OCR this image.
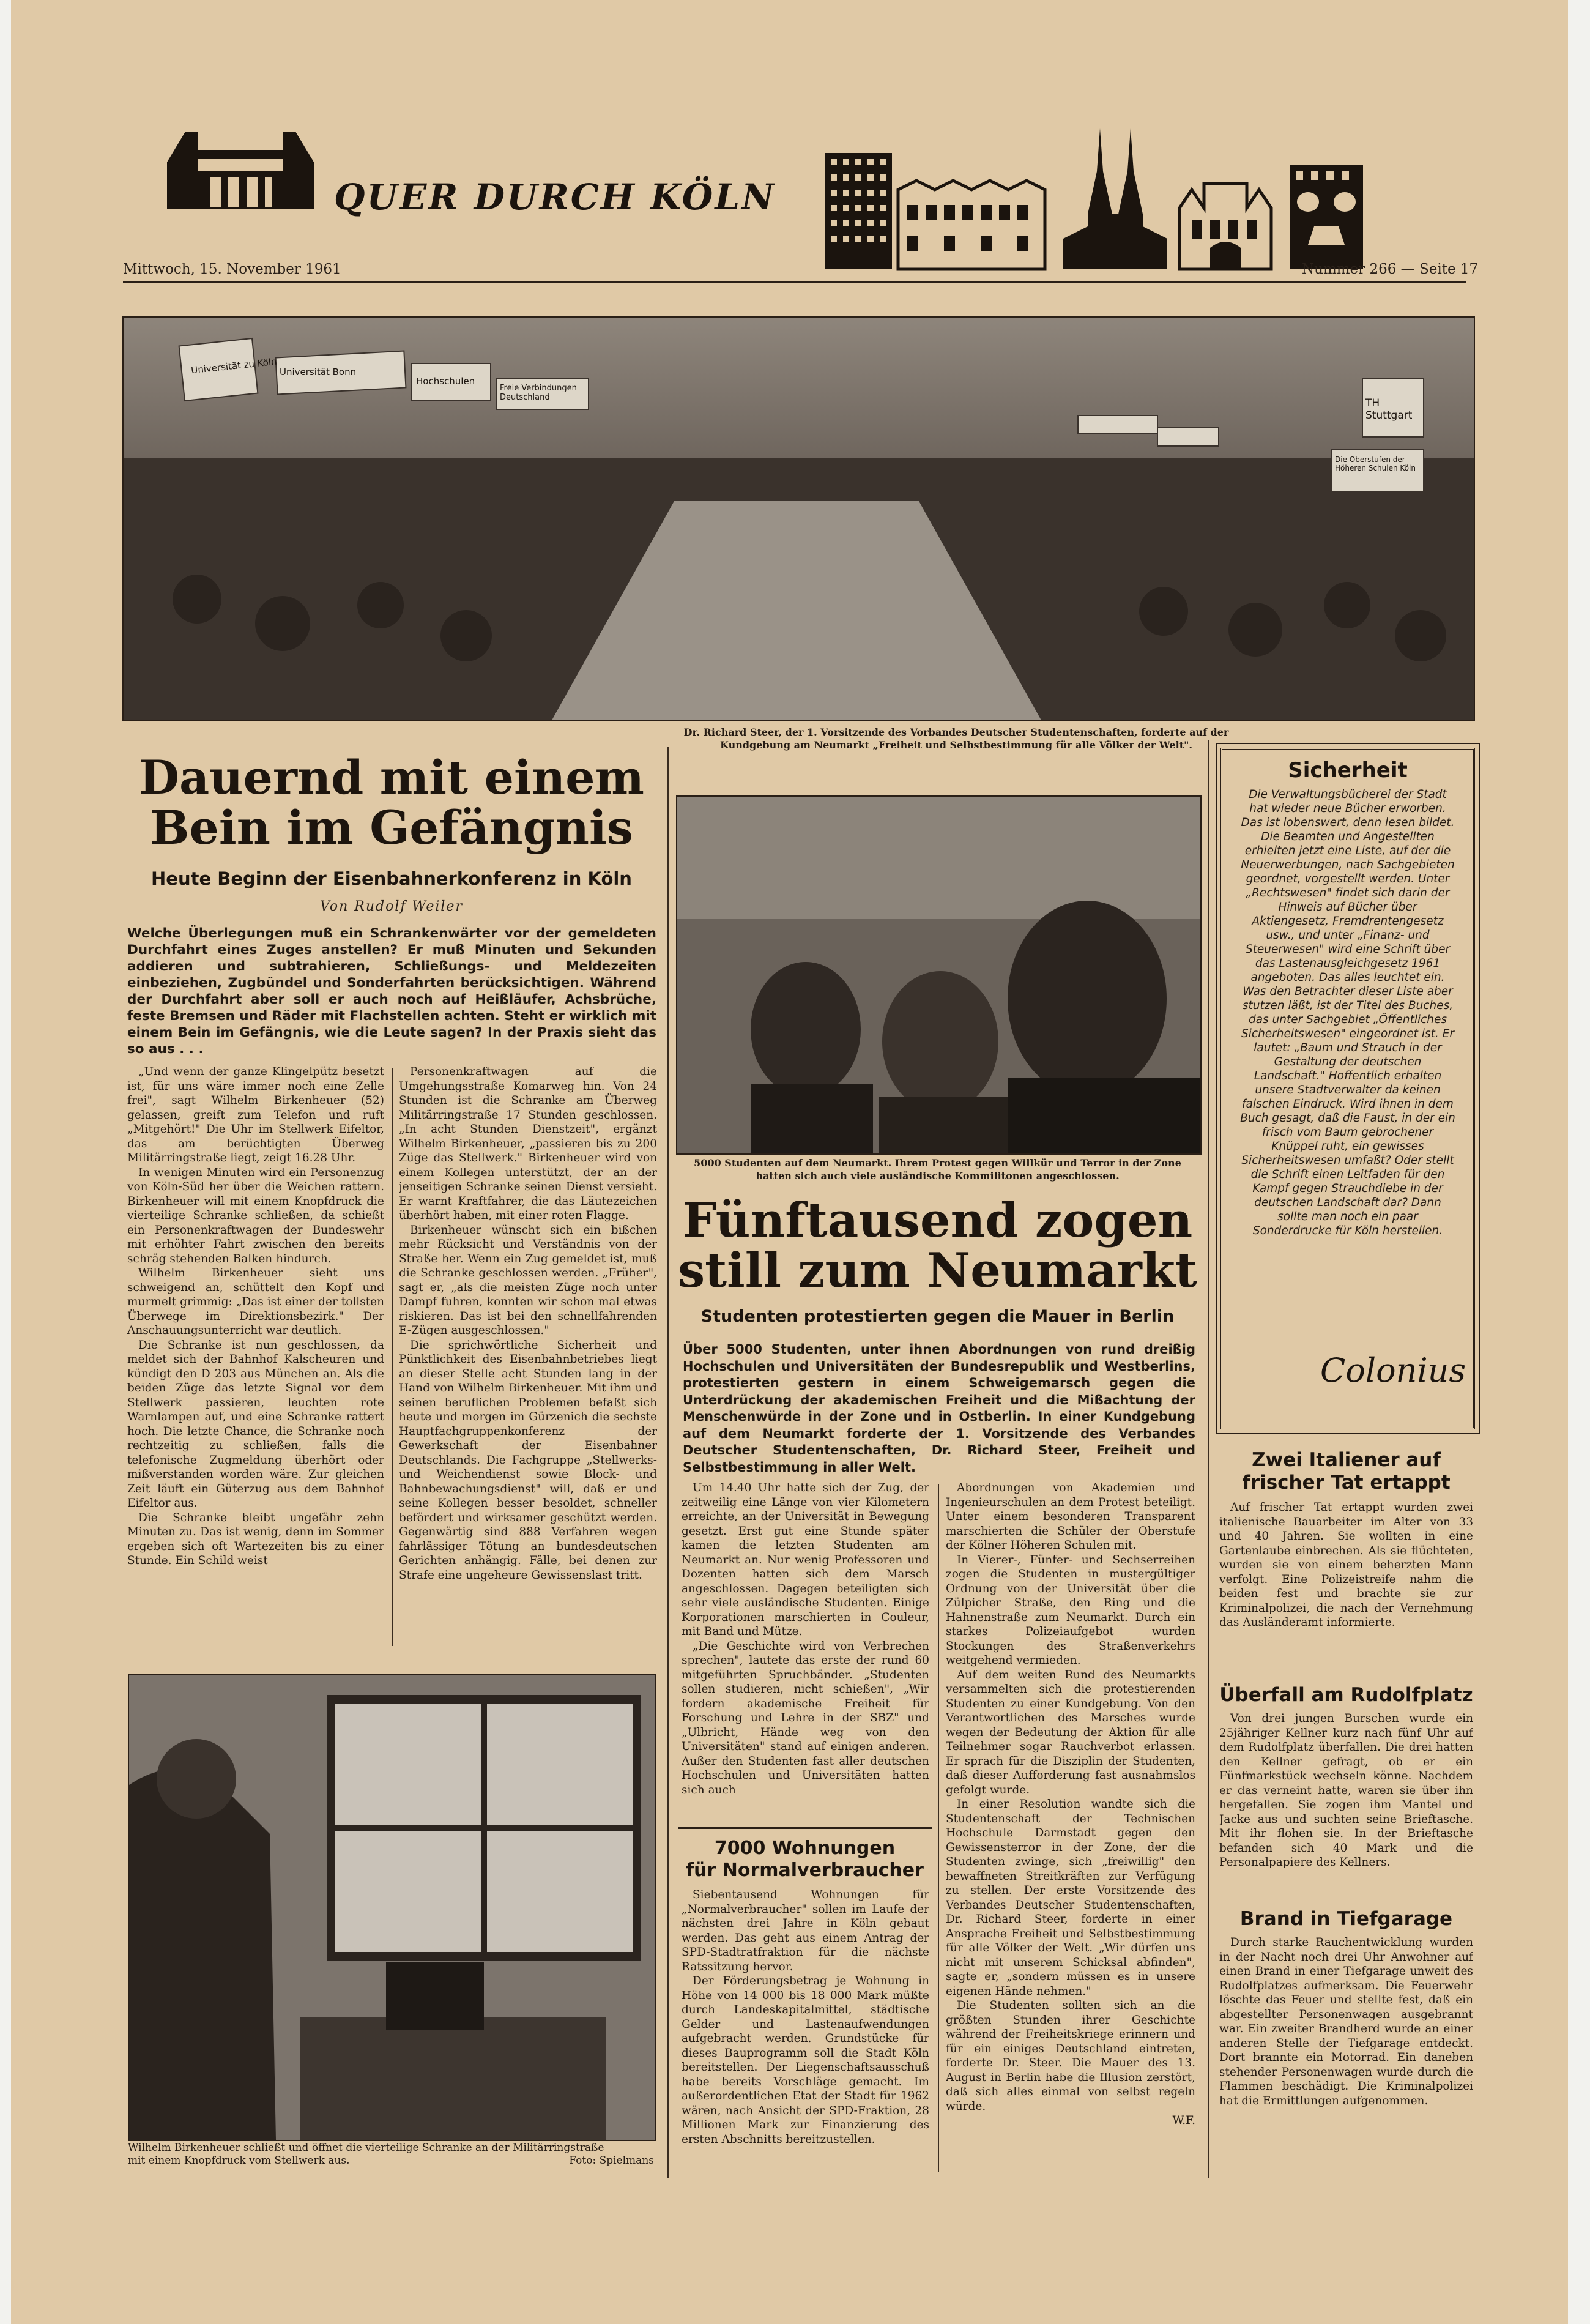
QUER DURCH KÖLN
Mittwoch, 15. November 1961	Nummer 266 — Seite 17
Universität zu Köln Universität Bonn
Hochschulen
Freie Verbindungen Deutschland	TH Stuttgart
Die Oberstufen der Höheren Schulen Köln
Dr. Richard Steer, der 1. Vorsitzende des Vorbandes Deutscher Studentenschaften, forderte auf der Kundgebung am Neumarkt „Freiheit und Selbstbestimmung für alle Völker der Welt".
Dauernd mit einem
Bein im Gefängnis
Heute Beginn der Eisenbahnerkonferenz in Köln
Von Rudolf Weiler
Welche Überlegungen muß ein Schrankenwärter vor der gemeldeten Durchfahrt eines Zuges anstellen? Er muß Minuten und Sekunden addieren und subtrahieren, Schließungs- und Meldezeiten einbeziehen, Zugbündel und Sonderfahrten berücksichtigen. Während der Durchfahrt aber soll er auch noch auf Heißläufer, Achsbrüche, feste Bremsen und Räder mit Flachstellen achten. Steht er wirklich mit einem Bein im Gefängnis, wie die Leute sagen? In der Praxis sieht das so aus . . .

„Und wenn der ganze Klingelpütz besetzt ist, für uns wäre immer noch eine Zelle frei", sagt Wilhelm Birkenheuer (52) gelassen, greift zum Telefon und ruft „Mitgehört!" Die Uhr im Stellwerk Eifeltor, das am berüchtigten Überweg Militärringstraße liegt, zeigt 16.28 Uhr.

In wenigen Minuten wird ein Personenzug von Köln-Süd her über die Weichen rattern. Birkenheuer will mit einem Knopfdruck die vierteilige Schranke schließen, da schießt ein Personenkraftwagen der Bundeswehr mit erhöhter Fahrt zwischen den bereits schräg stehenden Balken hindurch.

Wilhelm Birkenheuer sieht uns schweigend an, schüttelt den Kopf und murmelt grimmig: „Das ist einer der tollsten Überwege im Direktionsbezirk." Der Anschauungsunterricht war deutlich.

Die Schranke ist nun geschlossen, da meldet sich der Bahnhof Kalscheuren und kündigt den D 203 aus München an. Als die beiden Züge das letzte Signal vor dem Stellwerk passieren, leuchten rote Warnlampen auf, und eine Schranke rattert hoch. Die letzte Chance, die Schranke noch rechtzeitig zu schließen, falls die telefonische Zugmeldung überhört oder mißverstanden worden wäre. Zur gleichen Zeit läuft ein Güterzug aus dem Bahnhof Eifeltor aus.

Die Schranke bleibt ungefähr zehn Minuten zu. Das ist wenig, denn im Sommer ergeben sich oft Wartezeiten bis zu einer Stunde. Ein Schild weist

Personenkraftwagen auf die Umgehungsstraße Komarweg hin. Von 24 Stunden ist die Schranke am Überweg Militärringstraße 17 Stunden geschlossen. „In acht Stunden Dienstzeit", ergänzt Wilhelm Birkenheuer, „passieren bis zu 200 Züge das Stellwerk." Birkenheuer wird von einem Kollegen unterstützt, der an der jenseitigen Schranke seinen Dienst versieht. Er warnt Kraftfahrer, die das Läutezeichen überhört haben, mit einer roten Flagge.

Birkenheuer wünscht sich ein bißchen mehr Rücksicht und Verständnis von der Straße her. Wenn ein Zug gemeldet ist, muß die Schranke geschlossen werden. „Früher", sagt er, „als die meisten Züge noch unter Dampf fuhren, konnten wir schon mal etwas riskieren. Das ist bei den schnellfahrenden E-Zügen ausgeschlossen."

Die sprichwörtliche Sicherheit und Pünktlichkeit des Eisenbahnbetriebes liegt an dieser Stelle acht Stunden lang in der Hand von Wilhelm Birkenheuer. Mit ihm und seinen beruflichen Problemen befaßt sich heute und morgen im Gürzenich die sechste Hauptfachgruppenkonferenz der Gewerkschaft der Eisenbahner Deutschlands. Die Fachgruppe „Stellwerks- und Weichendienst sowie Block- und Bahnbewachungsdienst" will, daß er und seine Kollegen besser besoldet, schneller befördert und wirksamer geschützt werden. Gegenwärtig sind 888 Verfahren wegen fahrlässiger Tötung an bundesdeutschen Gerichten anhängig. Fälle, bei denen zur Strafe eine ungeheure Gewissenslast tritt.

Wilhelm Birkenheuer schließt und öffnet die vierteilige Schranke an der Militärringstraße
mit einem Knopfdruck vom Stellwerk aus.	Foto: Spielmans
5000 Studenten auf dem Neumarkt. Ihrem Protest gegen Willkür und Terror in der Zone hatten sich auch viele ausländische Kommilitonen angeschlossen.
Fünftausend zogen
still zum Neumarkt
Studenten protestierten gegen die Mauer in Berlin
Über 5000 Studenten, unter ihnen Abordnungen von rund dreißig Hochschulen und Universitäten der Bundesrepublik und Westberlins, protestierten gestern in einem Schweigemarsch gegen die Unterdrückung der akademischen Freiheit und die Mißachtung der Menschenwürde in der Zone und in Ostberlin. In einer Kundgebung auf dem Neumarkt forderte der 1. Vorsitzende des Verbandes Deutscher Studentenschaften, Dr. Richard Steer, Freiheit und Selbstbestimmung in aller Welt.

Um 14.40 Uhr hatte sich der Zug, der zeitweilig eine Länge von vier Kilometern erreichte, an der Universität in Bewegung gesetzt. Erst gut eine Stunde später kamen die letzten Studenten am Neumarkt an. Nur wenig Professoren und Dozenten hatten sich dem Marsch angeschlossen. Dagegen beteiligten sich sehr viele ausländische Studenten. Einige Korporationen marschierten in Couleur, mit Band und Mütze.

„Die Geschichte wird von Verbrechen sprechen", lautete das erste der rund 60 mitgeführten Spruchbänder. „Studenten sollen studieren, nicht schießen", „Wir fordern akademische Freiheit für Forschung und Lehre in der SBZ" und „Ulbricht, Hände weg von den Universitäten" stand auf einigen anderen. Außer den Studenten fast aller deutschen Hochschulen und Universitäten hatten sich auch

Abordnungen von Akademien und Ingenieurschulen an dem Protest beteiligt. Unter einem besonderen Transparent marschierten die Schüler der Oberstufe der Kölner Höheren Schulen mit.

In Vierer-, Fünfer- und Sechserreihen zogen die Studenten in mustergültiger Ordnung von der Universität über die Zülpicher Straße, den Ring und die Hahnenstraße zum Neumarkt. Durch ein starkes Polizeiaufgebot wurden Stockungen des Straßenverkehrs weitgehend vermieden.

Auf dem weiten Rund des Neumarkts versammelten sich die protestierenden Studenten zu einer Kundgebung. Von den Verantwortlichen des Marsches wurde wegen der Bedeutung der Aktion für alle Teilnehmer sogar Rauchverbot erlassen. Er sprach für die Disziplin der Studenten, daß dieser Aufforderung fast ausnahmslos gefolgt wurde.

In einer Resolution wandte sich die Studentenschaft der Technischen Hochschule Darmstadt gegen den Gewissensterror in der Zone, der die Studenten zwinge, sich „freiwillig" den bewaffneten Streitkräften zur Verfügung zu stellen. Der erste Vorsitzende des Verbandes Deutscher Studentenschaften, Dr. Richard Steer, forderte in einer Ansprache Freiheit und Selbstbestimmung für alle Völker der Welt. „Wir dürfen uns nicht mit unserem Schicksal abfinden", sagte er, „sondern müssen es in unsere eigenen Hände nehmen."

Die Studenten sollten sich an die größten Stunden ihrer Geschichte während der Freiheitskriege erinnern und für ein einiges Deutschland eintreten, forderte Dr. Steer. Die Mauer des 13. August in Berlin habe die Illusion zerstört, daß sich alles einmal von selbst regeln würde.

W.F.

7000 Wohnungen
für Normalverbraucher

Siebentausend Wohnungen für „Normalverbraucher" sollen im Laufe der nächsten drei Jahre in Köln gebaut werden. Das geht aus einem Antrag der SPD-Stadtratfraktion für die nächste Ratssitzung hervor.

Der Förderungsbetrag je Wohnung in Höhe von 14 000 bis 18 000 Mark müßte durch Landeskapitalmittel, städtische Gelder und Lastenaufwendungen aufgebracht werden. Grundstücke für dieses Bauprogramm soll die Stadt Köln bereitstellen. Der Liegenschaftsausschuß habe bereits Vorschläge gemacht. Im außerordentlichen Etat der Stadt für 1962 wären, nach Ansicht der SPD-Fraktion, 28 Millionen Mark zur Finanzierung des ersten Abschnitts bereitzustellen.

Sicherheit
Die Verwaltungsbücherei der Stadt hat wieder neue Bücher erworben. Das ist lobenswert, denn lesen bildet. Die Beamten und Angestellten erhielten jetzt eine Liste, auf der die Neuerwerbungen, nach Sachgebieten geordnet, vorgestellt werden. Unter „Rechtswesen" findet sich darin der Hinweis auf Bücher über Aktiengesetz, Fremdrentengesetz usw., und unter „Finanz- und Steuerwesen" wird eine Schrift über das Lastenausgleichgesetz 1961 angeboten. Das alles leuchtet ein. Was den Betrachter dieser Liste aber stutzen läßt, ist der Titel des Buches, das unter Sachgebiet „Öffentliches Sicherheitswesen" eingeordnet ist. Er lautet: „Baum und Strauch in der Gestaltung der deutschen Landschaft." Hoffentlich erhalten unsere Stadtverwalter da keinen falschen Eindruck. Wird ihnen in dem Buch gesagt, daß die Faust, in der ein frisch vom Baum gebrochener Knüppel ruht, ein gewisses Sicherheitswesen umfaßt? Oder stellt die Schrift einen Leitfaden für den Kampf gegen Strauchdiebe in der deutschen Landschaft dar? Dann sollte man noch ein paar Sonderdrucke für Köln herstellen.
Colonius
Zwei Italiener auf
frischer Tat ertappt

Auf frischer Tat ertappt wurden zwei italienische Bauarbeiter im Alter von 33 und 40 Jahren. Sie wollten in eine Gartenlaube einbrechen. Als sie flüchteten, wurden sie von einem beherzten Mann verfolgt. Eine Polizeistreife nahm die beiden fest und brachte sie zur Kriminalpolizei, die nach der Vernehmung das Ausländeramt informierte.

Überfall am Rudolfplatz

Von drei jungen Burschen wurde ein 25jähriger Kellner kurz nach fünf Uhr auf dem Rudolfplatz überfallen. Die drei hatten den Kellner gefragt, ob er ein Fünfmarkstück wechseln könne. Nachdem er das verneint hatte, waren sie über ihn hergefallen. Sie zogen ihm Mantel und Jacke aus und suchten seine Brieftasche. Mit ihr flohen sie. In der Brieftasche befanden sich 40 Mark und die Personalpapiere des Kellners.

Brand in Tiefgarage

Durch starke Rauchentwicklung wurden in der Nacht noch drei Uhr Anwohner auf einen Brand in einer Tiefgarage unweit des Rudolfplatzes aufmerksam. Die Feuerwehr löschte das Feuer und stellte fest, daß ein abgestellter Personenwagen ausgebrannt war. Ein zweiter Brandherd wurde an einer anderen Stelle der Tiefgarage entdeckt. Dort brannte ein Motorrad. Ein daneben stehender Personenwagen wurde durch die Flammen beschädigt. Die Kriminalpolizei hat die Ermittlungen aufgenommen.
